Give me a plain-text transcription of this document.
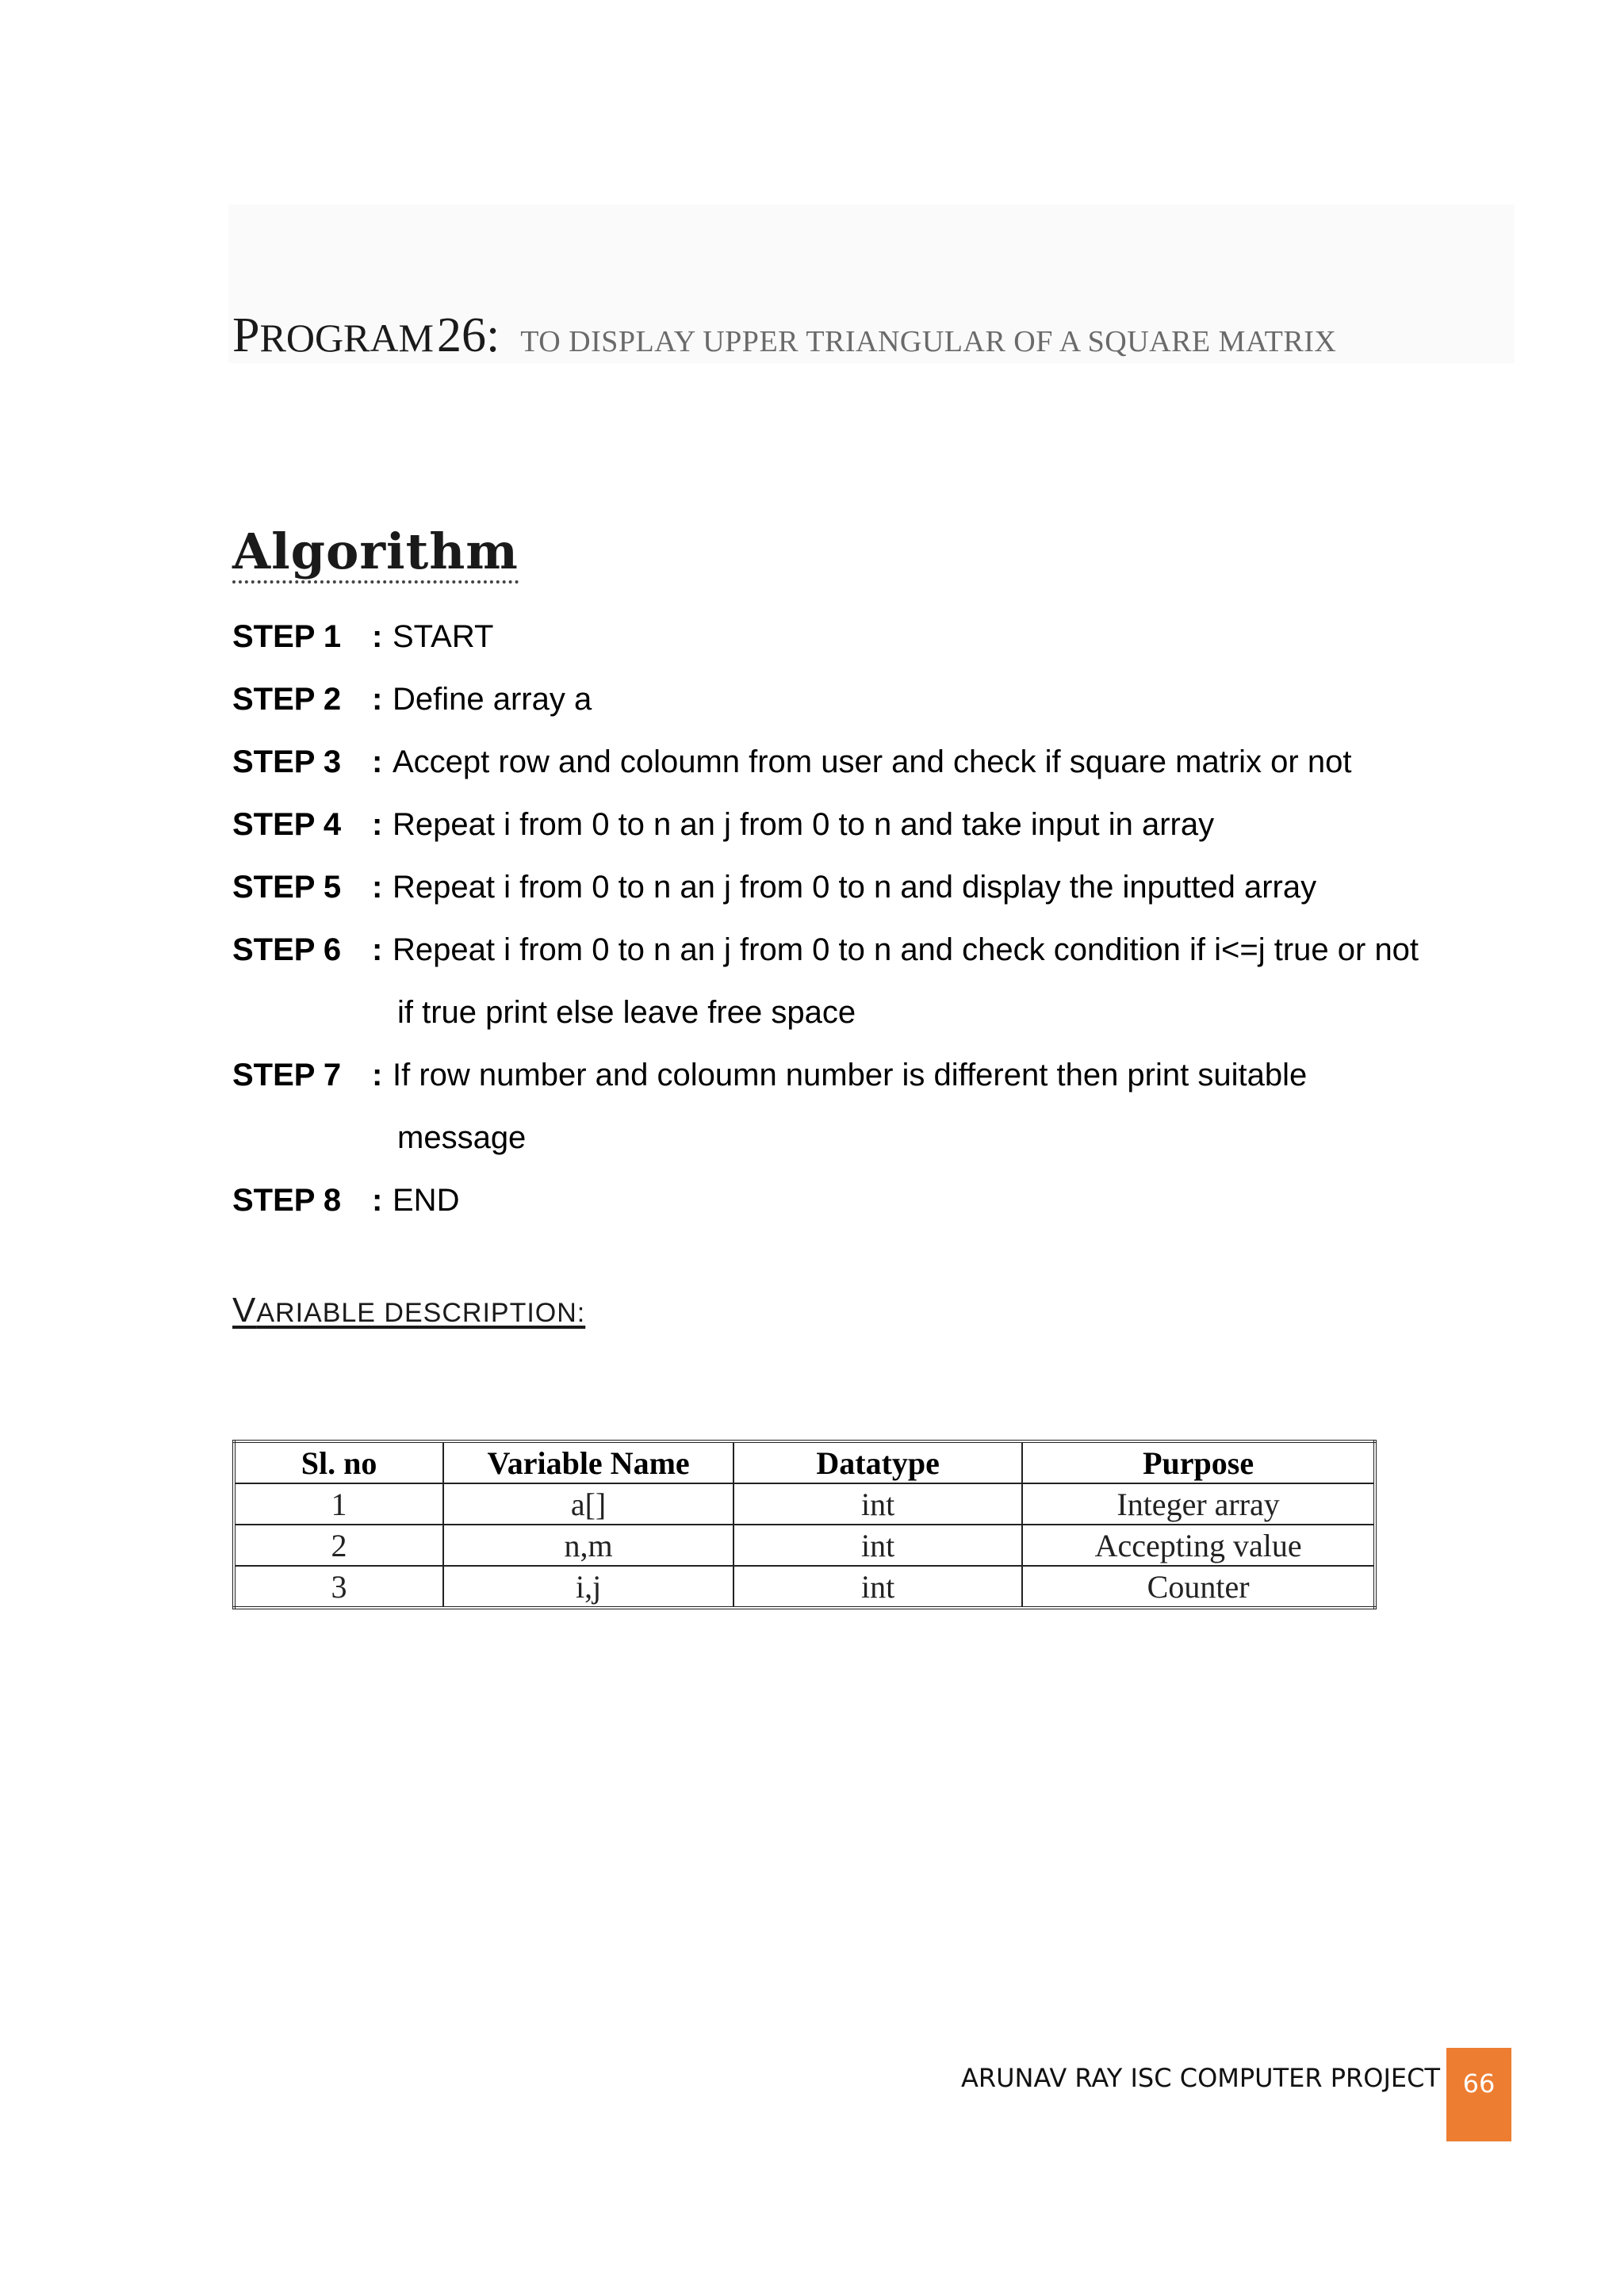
PROGRAM 26: TO DISPLAY UPPER TRIANGULAR OF A SQUARE MATRIX
Algorithm
STEP 1 : START
STEP 2 : Define array a
STEP 3 : Accept row and coloumn from user and check if square matrix or not
STEP 4 : Repeat i from 0 to n an j from 0 to n and take input in array
STEP 5 : Repeat i from 0 to n an j from 0 to n and display the inputted array
STEP 6 : Repeat i from 0 to n an j from 0 to n and check condition if i<=j true or not
if true print else leave free space
STEP 7 : If row number and coloumn number is different then print suitable
message
STEP 8 : END
VARIABLE DESCRIPTION:
Sl. no	Variable Name	Datatype	Purpose
1	a[]	int	Integer array
2	n,m	int	Accepting value
3	i,j	int	Counter
ARUNAV RAY ISC COMPUTER PROJECT 66
